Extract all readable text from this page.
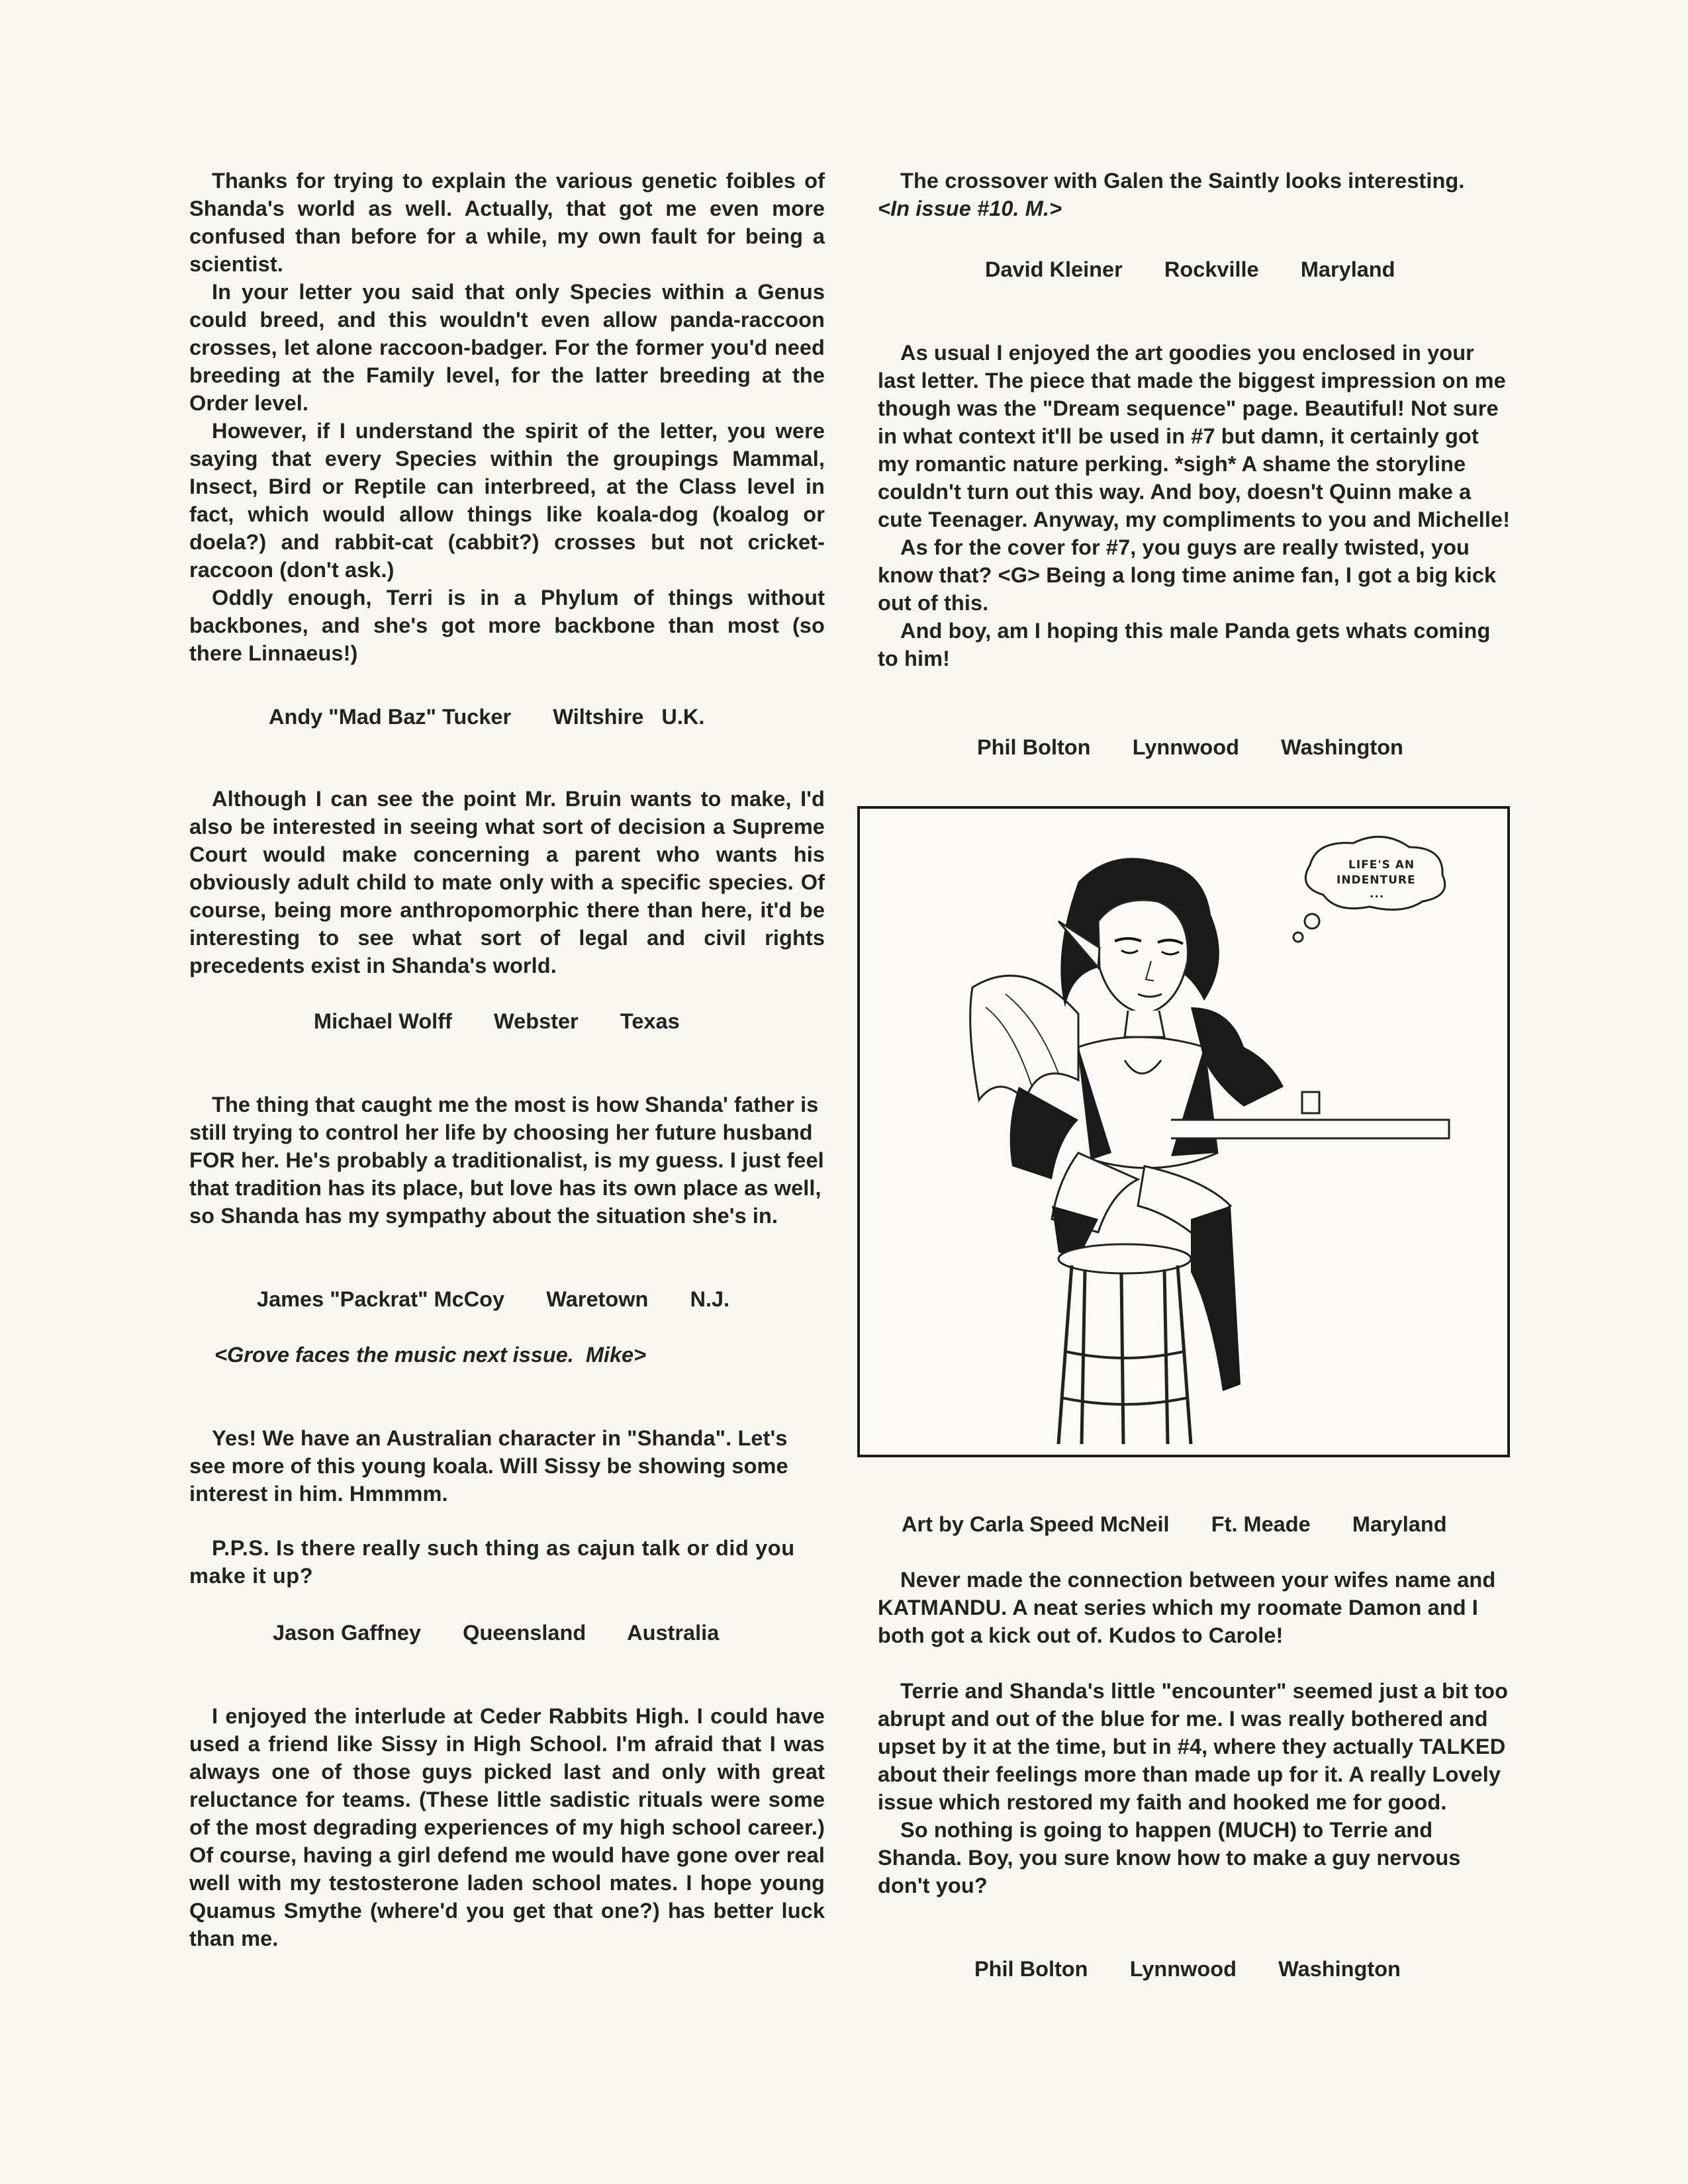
Thanks for trying to explain the various genetic foibles of Shanda's world as well. Actually, that got me even more confused than before for a while, my own fault for being a scientist.

In your letter you said that only Species within a Genus could breed, and this wouldn't even allow panda-raccoon crosses, let alone raccoon-badger. For the former you'd need breeding at the Family level, for the latter breeding at the Order level.

However, if I understand the spirit of the letter, you were saying that every Species within the groupings Mammal, Insect, Bird or Reptile can interbreed, at the Class level in fact, which would allow things like koala-dog (koalog or doela?) and rabbit-cat (cabbit?) crosses but not cricket-raccoon (don't ask.)

Oddly enough, Terri is in a Phylum of things without backbones, and she's got more backbone than most (so there Linnaeus!)

Andy "Mad Baz" Tucker       Wiltshire   U.K.

Although I can see the point Mr. Bruin wants to make, I'd also be interested in seeing what sort of decision a Supreme Court would make concerning a parent who wants his obviously adult child to mate only with a specific species. Of course, being more anthropomorphic there than here, it'd be interesting to see what sort of legal and civil rights precedents exist in Shanda's world.

Michael Wolff       Webster       Texas

The thing that caught me the most is how Shanda' father is still trying to control her life by choosing her future husband FOR her. He's probably a traditionalist, is my guess. I just feel that tradition has its place, but love has its own place as well, so Shanda has my sympathy about the situation she's in.

James "Packrat" McCoy       Waretown       N.J.
<Grove faces the music next issue.  Mike>

Yes! We have an Australian character in "Shanda". Let's see more of this young koala. Will Sissy be showing some interest in him. Hmmmm.

P.P.S. Is there really such thing as cajun talk or did you make it up?

Jason Gaffney       Queensland       Australia

I enjoyed the interlude at Ceder Rabbits High. I could have used a friend like Sissy in High School. I'm afraid that I was always one of those guys picked last and only with great reluctance for teams. (These little sadistic rituals were some of the most degrading experiences of my high school career.) Of course, having a girl defend me would have gone over real well with my testosterone laden school mates. I hope young Quamus Smythe (where'd you get that one?) has better luck than me.

The crossover with Galen the Saintly looks interesting.

<In issue #10. M.>

David Kleiner       Rockville       Maryland

As usual I enjoyed the art goodies you enclosed in your last letter. The piece that made the biggest impression on me though was the "Dream sequence" page. Beautiful! Not sure in what context it'll be used in #7 but damn, it certainly got my romantic nature perking. *sigh* A shame the storyline couldn't turn out this way. And boy, doesn't Quinn make a cute Teenager. Anyway, my compliments to you and Michelle!

As for the cover for #7, you guys are really twisted, you know that? <G> Being a long time anime fan, I got a big kick out of this.

And boy, am I hoping this male Panda gets whats coming to him!

Phil Bolton       Lynnwood       Washington
Art by Carla Speed McNeil       Ft. Meade       Maryland

Never made the connection between your wifes name and KATMANDU. A neat series which my roomate Damon and I both got a kick out of. Kudos to Carole!

Terrie and Shanda's little "encounter" seemed just a bit too abrupt and out of the blue for me. I was really bothered and upset by it at the time, but in #4, where they actually TALKED about their feelings more than made up for it. A really Lovely issue which restored my faith and hooked me for good.

So nothing is going to happen (MUCH) to Terrie and Shanda. Boy, you sure know how to make a guy nervous don't you?

Phil Bolton       Lynnwood       Washington
LIFE'S AN
INDENTURE
...
